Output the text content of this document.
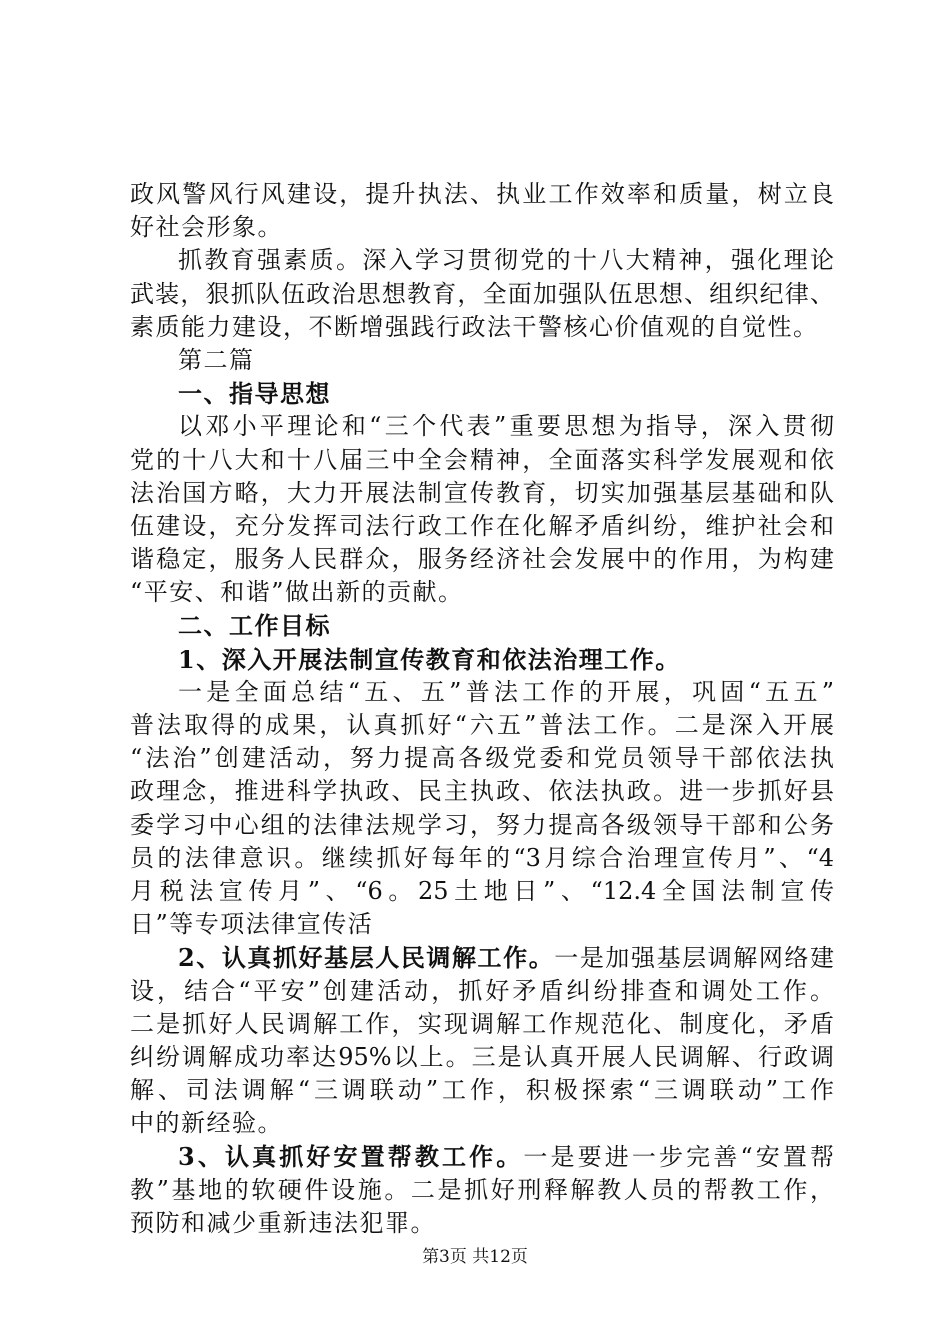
政风警风行风建设，提升执法、执业工作效率和质量，树立良
好社会形象。
抓教育强素质。深入学习贯彻党的十八大精神，强化理论
武装，狠抓队伍政治思想教育，全面加强队伍思想、组织纪律、
素质能力建设，不断增强践行政法干警核心价值观的自觉性。
第二篇
一、指导思想
以邓小平理论和“三个代表”重要思想为指导，深入贯彻
党的十八大和十八届三中全会精神，全面落实科学发展观和依
法治国方略，大力开展法制宣传教育，切实加强基层基础和队
伍建设，充分发挥司法行政工作在化解矛盾纠纷，维护社会和
谐稳定，服务人民群众，服务经济社会发展中的作用，为构建
“平安、和谐”做出新的贡献。
二、工作目标
1、深入开展法制宣传教育和依法治理工作。
一是全面总结“五、五”普法工作的开展，巩固“五五”
普法取得的成果，认真抓好“六五”普法工作。二是深入开展
“法治”创建活动，努力提高各级党委和党员领导干部依法执
政理念，推进科学执政、民主执政、依法执政。进一步抓好县
委学习中心组的法律法规学习，努力提高各级领导干部和公务
员的法律意识。继续抓好每年的“3月综合治理宣传月”、“4
月税法宣传月”、“6。25土地日”、“12.4全国法制宣传
日”等专项法律宣传活
2、认真抓好基层人民调解工作。一是加强基层调解网络建
设，结合“平安”创建活动，抓好矛盾纠纷排查和调处工作。
二是抓好人民调解工作，实现调解工作规范化、制度化，矛盾
纠纷调解成功率达95%以上。三是认真开展人民调解、行政调
解、司法调解“三调联动”工作，积极探索“三调联动”工作
中的新经验。
3、认真抓好安置帮教工作。一是要进一步完善“安置帮
教”基地的软硬件设施。二是抓好刑释解教人员的帮教工作，
预防和减少重新违法犯罪。
第3页 共12页
